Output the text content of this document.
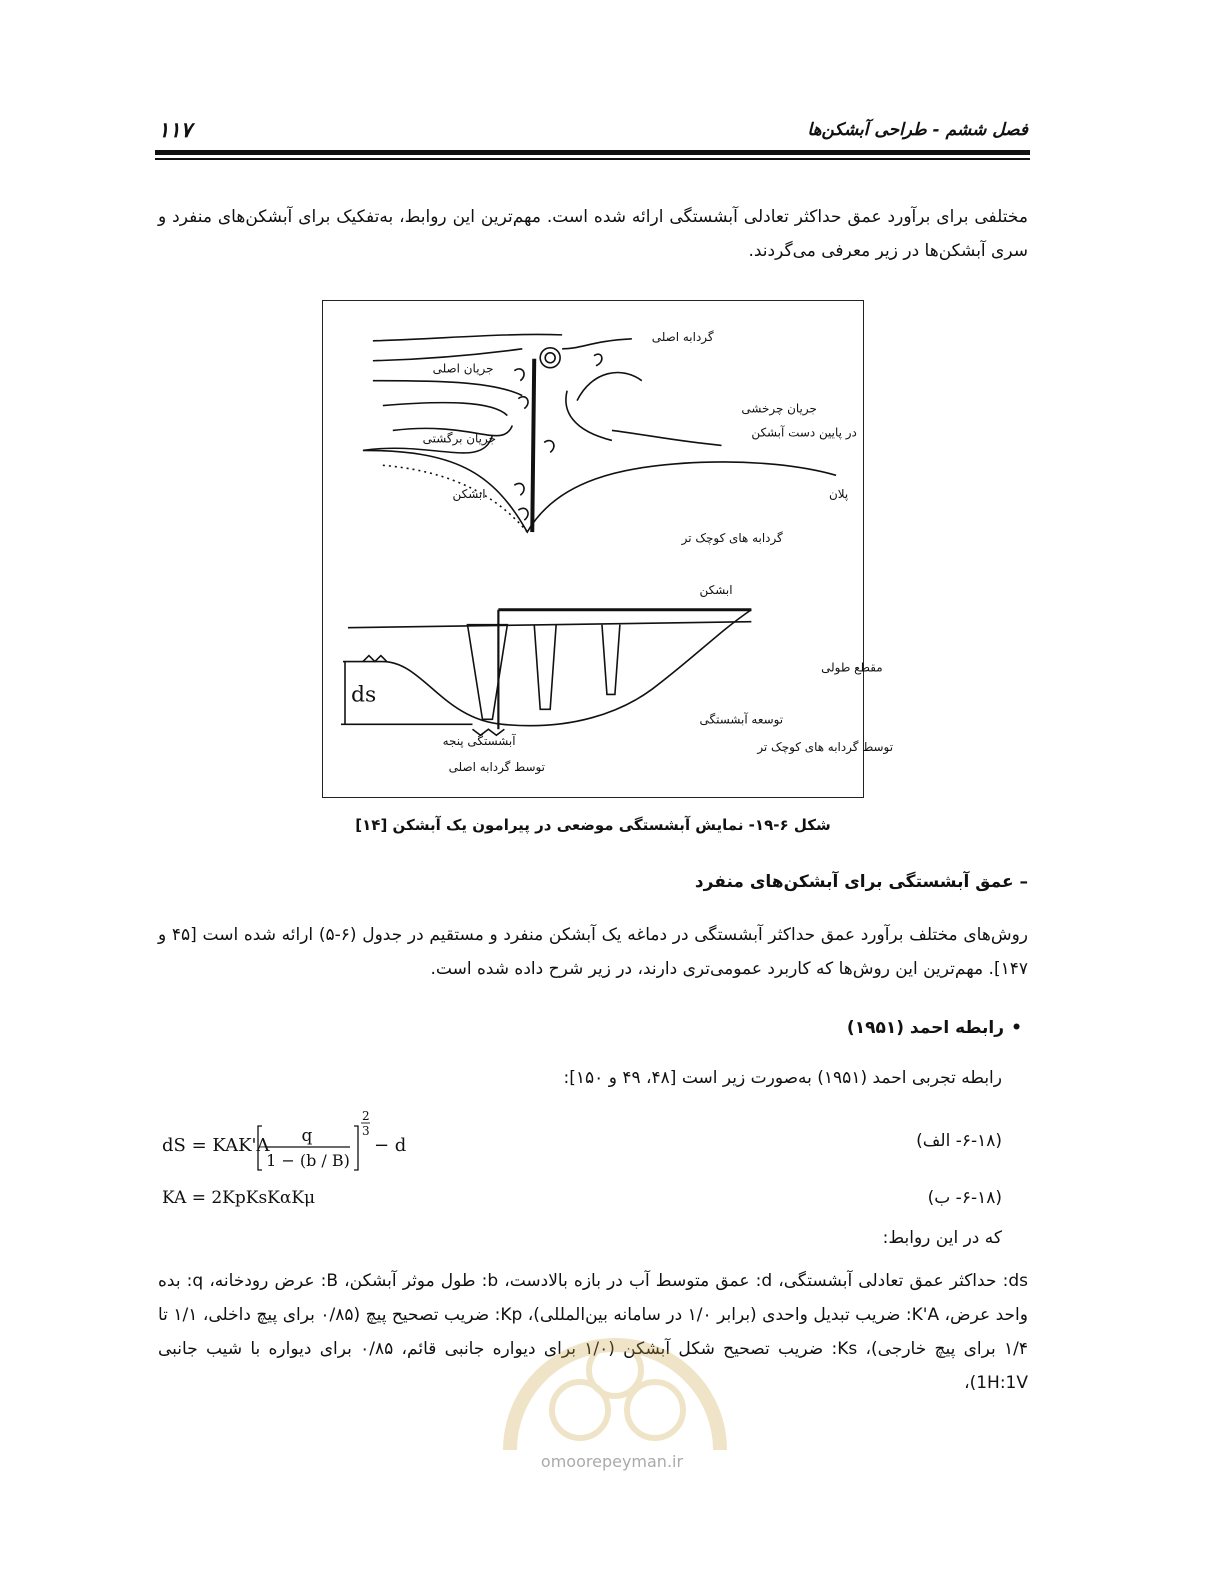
۱۱۷	فصل ششم - طراحی آبشکن‌ها
مختلفی برای برآورد عمق حداکثر تعادلی آبشستگی ارائه شده است. مهم‌ترین این روابط، به‌تفکیک برای آبشکن‌های منفرد و سری آبشکن‌ها در زیر معرفی می‌گردند.
گردابه اصلی
جریان اصلی
جریان برگشتی
جریان چرخشی
در پایین دست آبشکن
ابشکن	پلان
گردابه های کوچک تر
ابشکن
مقطع طولی
ds
آبشستگی پنجه
توسط گردابه اصلی
توسعه آبشستگی
توسط گردابه های کوچک تر
شکل ۶-۱۹- نمایش آبشستگی موضعی در پیرامون یک آبشکن [۱۴]
– عمق آبشستگی برای آبشکن‌های منفرد
روش‌های مختلف برآورد عمق حداکثر آبشستگی در دماغه یک آبشکن منفرد و مستقیم در جدول (۶-۵) ارائه شده است [۴۵ و ۱۴۷]. مهم‌ترین این روش‌ها که کاربرد عمومی‌تری دارند، در زیر شرح داده شده است.
•
رابطه احمد (۱۹۵۱)
رابطه تجربی احمد (۱۹۵۱) به‌صورت زیر است [۴۸، ۴۹ و ۱۵۰]:
dS = KAK'A q
1 − (b / B)
2
3
− d	(۶-۱۸- الف)
KA = 2KpKsKαKμ	(۶-۱۸- ب)
که در این روابط:
ds: حداکثر عمق تعادلی آبشستگی، d: عمق متوسط آب در بازه بالادست، b: طول موثر آبشکن، B: عرض رودخانه، q: بده واحد عرض، K'A: ضریب تبدیل واحدی (برابر ۱/۰ در سامانه بین‌المللی)، Kp: ضریب تصحیح پیچ (۰/۸۵ برای پیچ داخلی، ۱/۱ تا ۱/۴ برای پیچ خارجی)، Ks: ضریب تصحیح شکل آبشکن (۱/۰ برای دیواره جانبی قائم، ۰/۸۵ برای دیواره با شیب جانبی 1H:1V)،
omoorepeyman.ir
